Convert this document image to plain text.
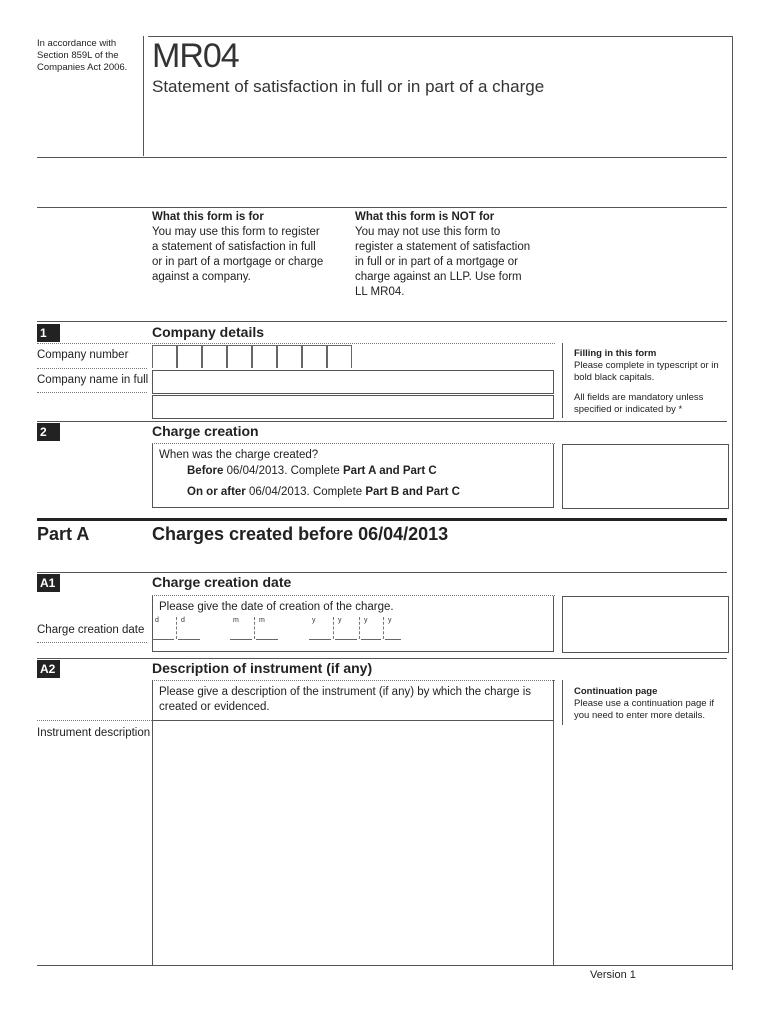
In accordance with
Section 859L of the
Companies Act 2006. MR04
Statement of satisfaction in full or in part of a charge
What this form is for
You may use this form to register
a statement of satisfaction in full
or in part of a mortgage or charge
against a company.
What this form is NOT for
You may not use this form to
register a statement of satisfaction
in full or in part of a mortgage or
charge against an LLP. Use form
LL MR04.
1	Company details
Company number
Company name in full
Filling in this form
Please complete in typescript or in
bold black capitals.
All fields are mandatory unless
specified or indicated by *
2	Charge creation
When was the charge created?
Before 06/04/2013. Complete Part A and Part C
On or after 06/04/2013. Complete Part B and Part C
Part A	Charges created before 06/04/2013
A1	Charge creation date
Please give the date of creation of the charge.
Charge creation date
d	d	m	m	y	y	y	y
A2	Description of instrument (if any)
Please give a description of the instrument (if any) by which the charge is
created or evidenced.
Instrument description
Continuation page
Please use a continuation page if
you need to enter more details.
Version 1
